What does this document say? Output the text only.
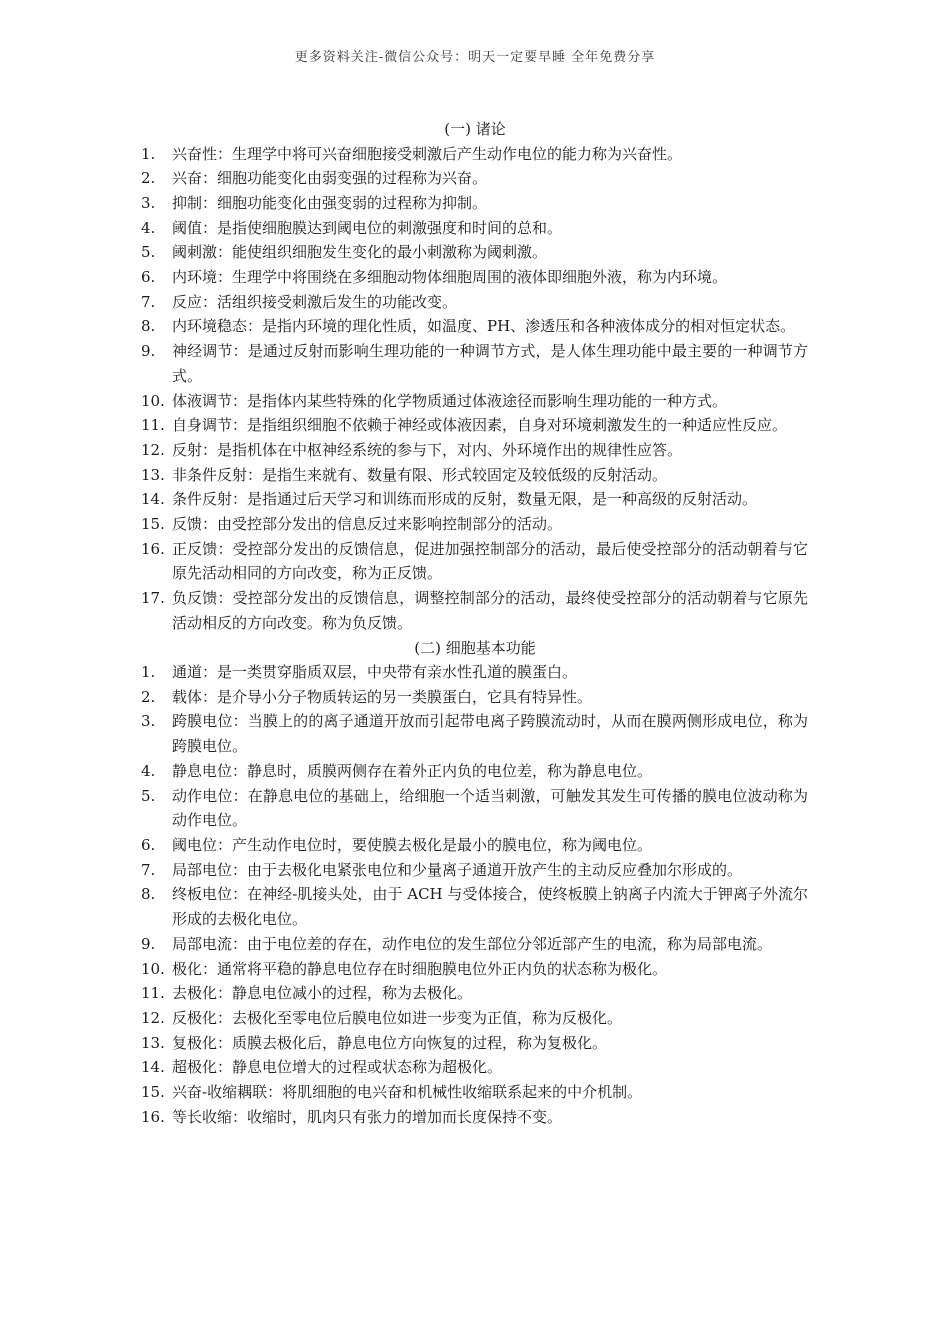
更多资料关注-微信公众号：明天一定要早睡 全年免费分享
(一) 诸论
1. 兴奋性：生理学中将可兴奋细胞接受刺激后产生动作电位的能力称为兴奋性。
2. 兴奋：细胞功能变化由弱变强的过程称为兴奋。
3. 抑制：细胞功能变化由强变弱的过程称为抑制。
4. 阈值：是指使细胞膜达到阈电位的刺激强度和时间的总和。
5. 阈刺激：能使组织细胞发生变化的最小刺激称为阈刺激。
6. 内环境：生理学中将围绕在多细胞动物体细胞周围的液体即细胞外液，称为内环境。
7. 反应：活组织接受刺激后发生的功能改变。
8. 内环境稳态：是指内环境的理化性质，如温度、PH、渗透压和各种液体成分的相对恒定状态。
9. 神经调节：是通过反射而影响生理功能的一种调节方式，是人体生理功能中最主要的一种调节方式。
10. 体液调节：是指体内某些特殊的化学物质通过体液途径而影响生理功能的一种方式。
11. 自身调节：是指组织细胞不依赖于神经或体液因素，自身对环境刺激发生的一种适应性反应。
12. 反射：是指机体在中枢神经系统的参与下，对内、外环境作出的规律性应答。
13. 非条件反射：是指生来就有、数量有限、形式较固定及较低级的反射活动。
14. 条件反射：是指通过后天学习和训练而形成的反射，数量无限，是一种高级的反射活动。
15. 反馈：由受控部分发出的信息反过来影响控制部分的活动。
16. 正反馈：受控部分发出的反馈信息，促进加强控制部分的活动，最后使受控部分的活动朝着与它原先活动相同的方向改变，称为正反馈。
17. 负反馈：受控部分发出的反馈信息，调整控制部分的活动，最终使受控部分的活动朝着与它原先活动相反的方向改变。称为负反馈。
(二) 细胞基本功能
1. 通道：是一类贯穿脂质双层，中央带有亲水性孔道的膜蛋白。
2. 载体：是介导小分子物质转运的另一类膜蛋白，它具有特异性。
3. 跨膜电位：当膜上的的离子通道开放而引起带电离子跨膜流动时，从而在膜两侧形成电位，称为跨膜电位。
4. 静息电位：静息时，质膜两侧存在着外正内负的电位差，称为静息电位。
5. 动作电位：在静息电位的基础上，给细胞一个适当刺激，可触发其发生可传播的膜电位波动称为动作电位。
6. 阈电位：产生动作电位时，要使膜去极化是最小的膜电位，称为阈电位。
7. 局部电位：由于去极化电紧张电位和少量离子通道开放产生的主动反应叠加尔形成的。
8. 终板电位：在神经-肌接头处，由于 ACH 与受体接合，使终板膜上钠离子内流大于钾离子外流尔形成的去极化电位。
9. 局部电流：由于电位差的存在，动作电位的发生部位分邻近部产生的电流，称为局部电流。
10. 极化：通常将平稳的静息电位存在时细胞膜电位外正内负的状态称为极化。
11. 去极化：静息电位减小的过程，称为去极化。
12. 反极化：去极化至零电位后膜电位如进一步变为正值，称为反极化。
13. 复极化：质膜去极化后，静息电位方向恢复的过程，称为复极化。
14. 超极化：静息电位增大的过程或状态称为超极化。
15. 兴奋-收缩耦联：将肌细胞的电兴奋和机械性收缩联系起来的中介机制。
16. 等长收缩：收缩时，肌肉只有张力的增加而长度保持不变。
